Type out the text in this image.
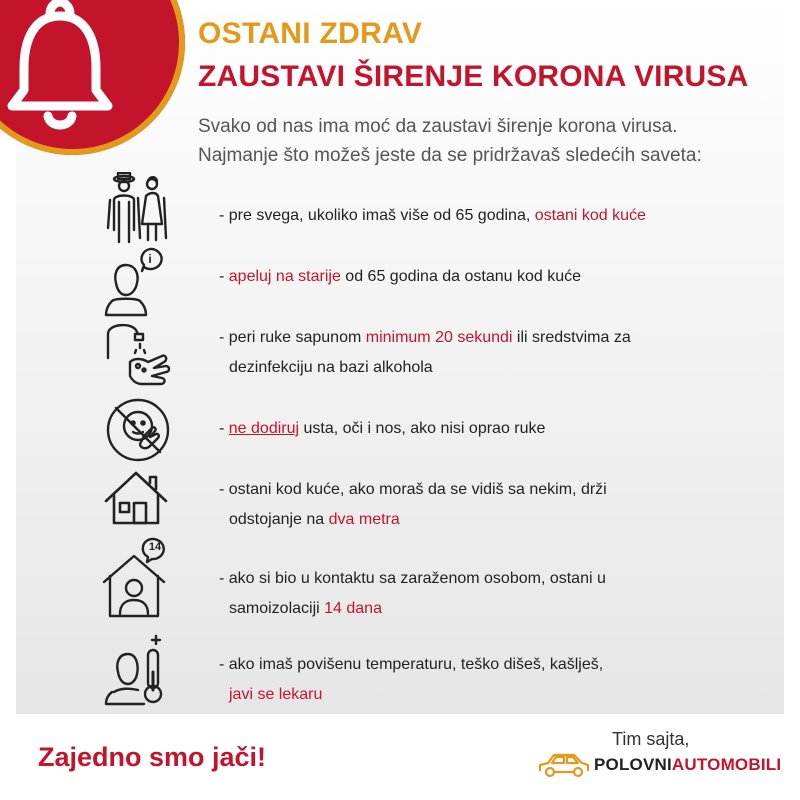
OSTANI ZDRAV
ZAUSTAVI ŠIRENJE KORONA VIRUSA
Svako od nas ima moć da zaustavi širenje korona virusa.
Najmanje što možeš jeste da se pridržavaš sledećih saveta:
- pre svega, ukoliko imaš više od 65 godina, ostani kod kuće
i
- apeluj na starije od 65 godina da ostanu kod kuće
- peri ruke sapunom minimum 20 sekundi ili sredstvima za
dezinfekciju na bazi alkohola
- ne dodiruj usta, oči i nos, ako nisi oprao ruke
- ostani kod kuće, ako moraš da se vidiš sa nekim, drži
odstojanje na dva metra
14
- ako si bio u kontaktu sa zaraženom osobom, ostani u
samoizolaciji 14 dana
- ako imaš povišenu temperaturu, teško dišeš, kašlješ,
javi se lekaru
Zajedno smo jači!
Tim sajta,
POLOVNIAUTOMOBILI
